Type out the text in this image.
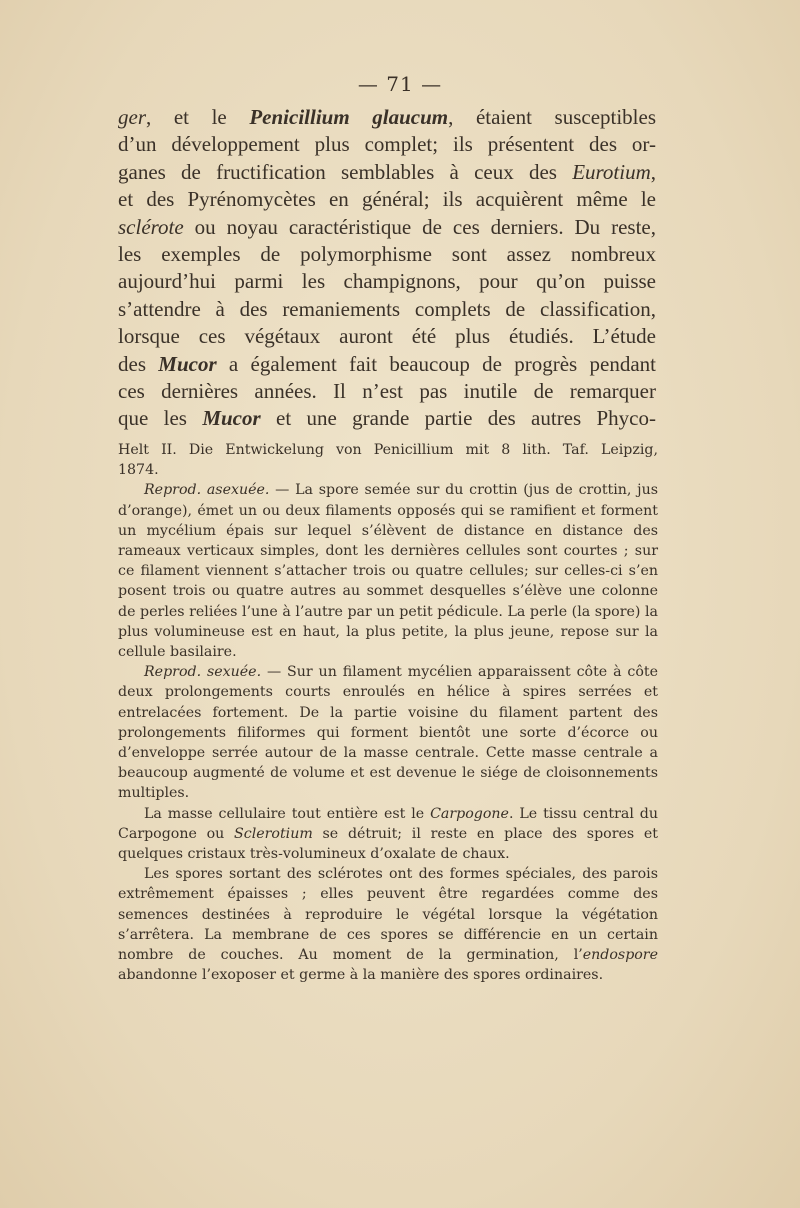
— 71 —

ger, et le Penicillium glaucum, étaient susceptibles

d’un développement plus complet; ils présentent des or-

ganes de fructification semblables à ceux des Eurotium,

et des Pyrénomycètes en général; ils acquièrent même le

sclérote ou noyau caractéristique de ces derniers. Du reste,

les exemples de polymorphisme sont assez nombreux

aujourd’hui parmi les champignons, pour qu’on puisse

s’attendre à des remaniements complets de classification,

lorsque ces végétaux auront été plus étudiés. L’étude

des Mucor a également fait beaucoup de progrès pendant

ces dernières années. Il n’est pas inutile de remarquer

que les Mucor et une grande partie des autres Phyco-

Helt II. Die Entwickelung von Penicillium mit 8 lith. Taf. Leipzig,

1874.

Reprod. asexuée. — La spore semée sur du crottin (jus de crottin, jus d’orange), émet un ou deux filaments opposés qui se ramifient et forment un mycélium épais sur lequel s’élèvent de distance en distance des rameaux verticaux simples, dont les dernières cellules sont courtes ; sur ce filament viennent s’attacher trois ou quatre cellules; sur celles-ci s’en posent trois ou quatre autres au sommet desquelles s’élève une colonne de perles reliées l’une à l’autre par un petit pédicule. La perle (la spore) la plus volumineuse est en haut, la plus petite, la plus jeune, repose sur la cellule basilaire.

Reprod. sexuée. — Sur un filament mycélien apparaissent côte à côte deux prolongements courts enroulés en hélice à spires serrées et entrelacées fortement. De la partie voisine du filament partent des prolongements filiformes qui forment bientôt une sorte d’écorce ou d’enveloppe serrée autour de la masse centrale. Cette masse centrale a beaucoup augmenté de volume et est devenue le siége de cloisonnements multiples.

La masse cellulaire tout entière est le Carpogone. Le tissu central du Carpogone ou Sclerotium se détruit; il reste en place des spores et quelques cristaux très-volumineux d’oxalate de chaux.

Les spores sortant des sclérotes ont des formes spéciales, des parois extrêmement épaisses ; elles peuvent être regardées comme des semences destinées à reproduire le végétal lorsque la végétation s’arrêtera. La membrane de ces spores se différencie en un certain nombre de couches. Au moment de la germination, l’endospore abandonne l’exoposer et germe à la manière des spores ordinaires.
